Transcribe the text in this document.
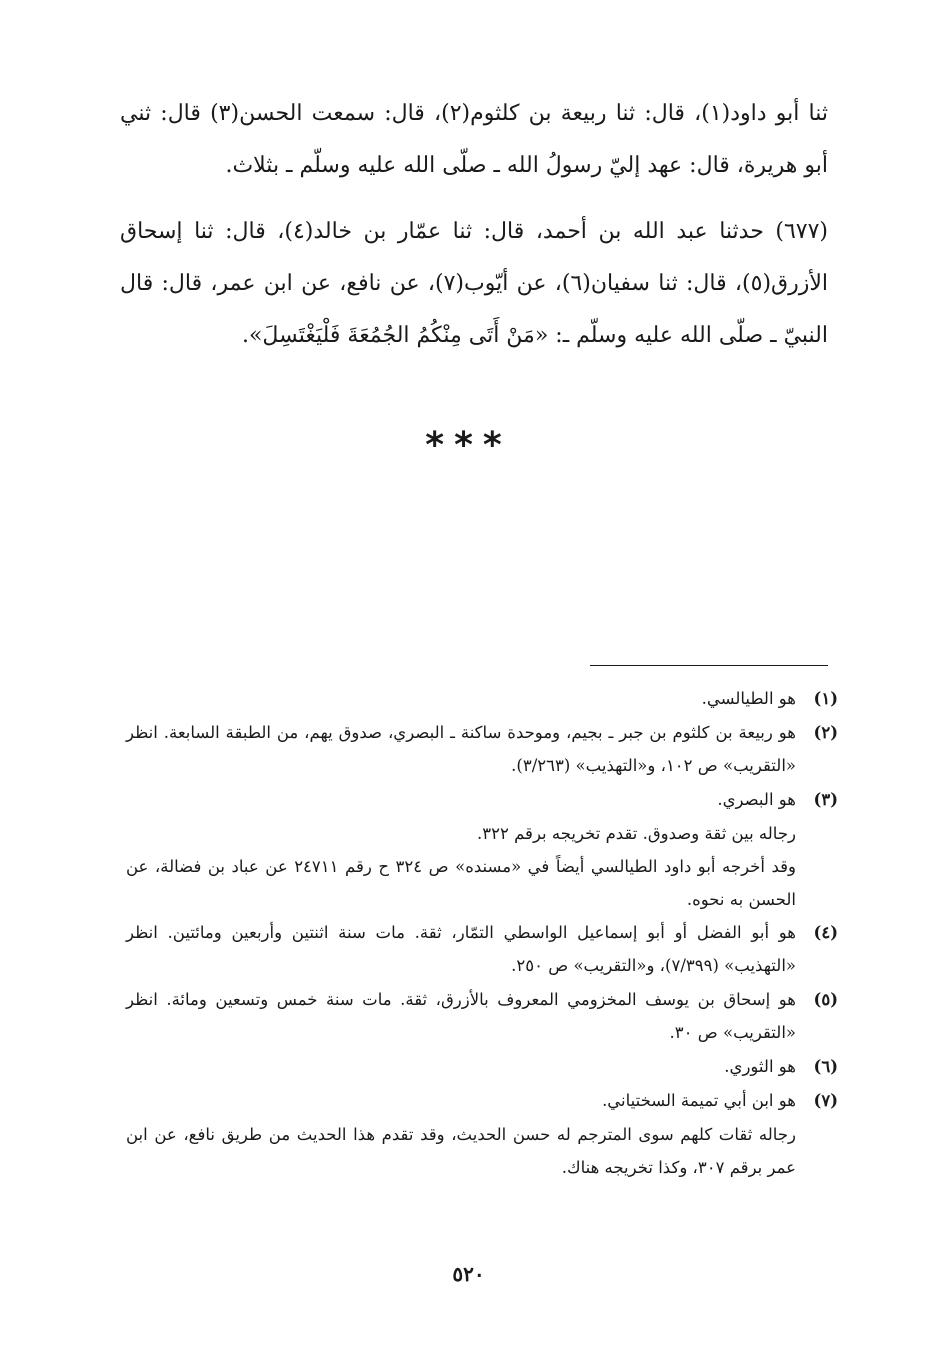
ثنا أبو داود(١)، قال: ثنا ربيعة بن كلثوم(٢)، قال: سمعت الحسن(٣) قال: ثني أبو هريرة، قال: عهد إليّ رسولُ الله ـ صلّى الله عليه وسلّم ـ بثلاث.

(٦٧٧) حدثنا عبد الله بن أحمد، قال: ثنا عمّار بن خالد(٤)، قال: ثنا إسحاق الأزرق(٥)، قال: ثنا سفيان(٦)، عن أيّوب(٧)، عن نافع، عن ابن عمر، قال: قال النبيّ ـ صلّى الله عليه وسلّم ـ: «مَنْ أَتَى مِنْكُمُ الجُمُعَةَ فَلْيَغْتَسِلَ».

***
(١)
هو الطيالسي.
(٢)
هو ربيعة بن كلثوم بن جبر ـ بجيم، وموحدة ساكنة ـ البصري، صدوق يهم، من الطبقة السابعة. انظر «التقريب» ص ١٠٢، و«التهذيب» (٣/٢٦٣).
(٣)
هو البصري.
رجاله بين ثقة وصدوق. تقدم تخريجه برقم ٣٢٢.
وقد أخرجه أبو داود الطيالسي أيضاً في «مسنده» ص ٣٢٤ ح رقم ٢٤٧١١ عن عباد بن فضالة، عن الحسن به نحوه.
(٤)
هو أبو الفضل أو أبو إسماعيل الواسطي التمّار، ثقة. مات سنة اثنتين وأربعين ومائتين. انظر «التهذيب» (٧/٣٩٩)، و«التقريب» ص ٢٥٠.
(٥)
هو إسحاق بن يوسف المخزومي المعروف بالأزرق، ثقة. مات سنة خمس وتسعين ومائة. انظر «التقريب» ص ٣٠.
(٦)
هو الثوري.
(٧)
هو ابن أبي تميمة السختياني.
رجاله ثقات كلهم سوى المترجم له حسن الحديث، وقد تقدم هذا الحديث من طريق نافع، عن ابن عمر برقم ٣٠٧، وكذا تخريجه هناك.
٥٢٠
